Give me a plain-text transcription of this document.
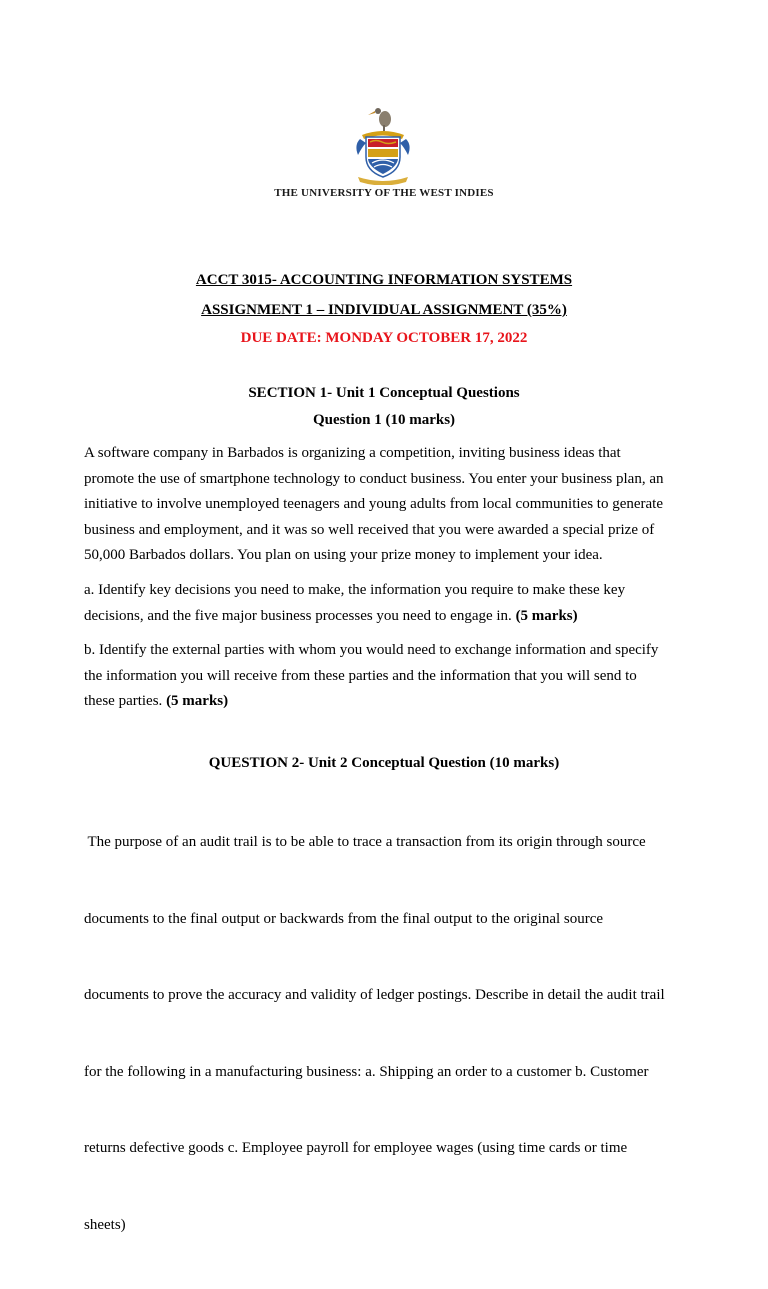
THE UNIVERSITY OF THE WEST INDIES
ACCT 3015- ACCOUNTING INFORMATION SYSTEMS
ASSIGNMENT 1 – INDIVIDUAL ASSIGNMENT (35%)
DUE DATE: MONDAY OCTOBER 17, 2022
SECTION 1- Unit 1 Conceptual Questions
Question 1 (10 marks)

A software company in Barbados is organizing a competition, inviting business ideas that

promote the use of smartphone technology to conduct business. You enter your business plan, an

initiative to involve unemployed teenagers and young adults from local communities to generate

business and employment, and it was so well received that you were awarded a special prize of

50,000 Barbados dollars. You plan on using your prize money to implement your idea.

a. Identify key decisions you need to make, the information you require to make these key

decisions, and the five major business processes you need to engage in. (5 marks)

b. Identify the external parties with whom you would need to exchange information and specify

the information you will receive from these parties and the information that you will send to

these parties. (5 marks)

QUESTION 2- Unit 2 Conceptual Question (10 marks)

The purpose of an audit trail is to be able to trace a transaction from its origin through source

documents to the final output or backwards from the final output to the original source

documents to prove the accuracy and validity of ledger postings. Describe in detail the audit trail

for the following in a manufacturing business: a. Shipping an order to a customer b. Customer

returns defective goods c. Employee payroll for employee wages (using time cards or time

sheets)
